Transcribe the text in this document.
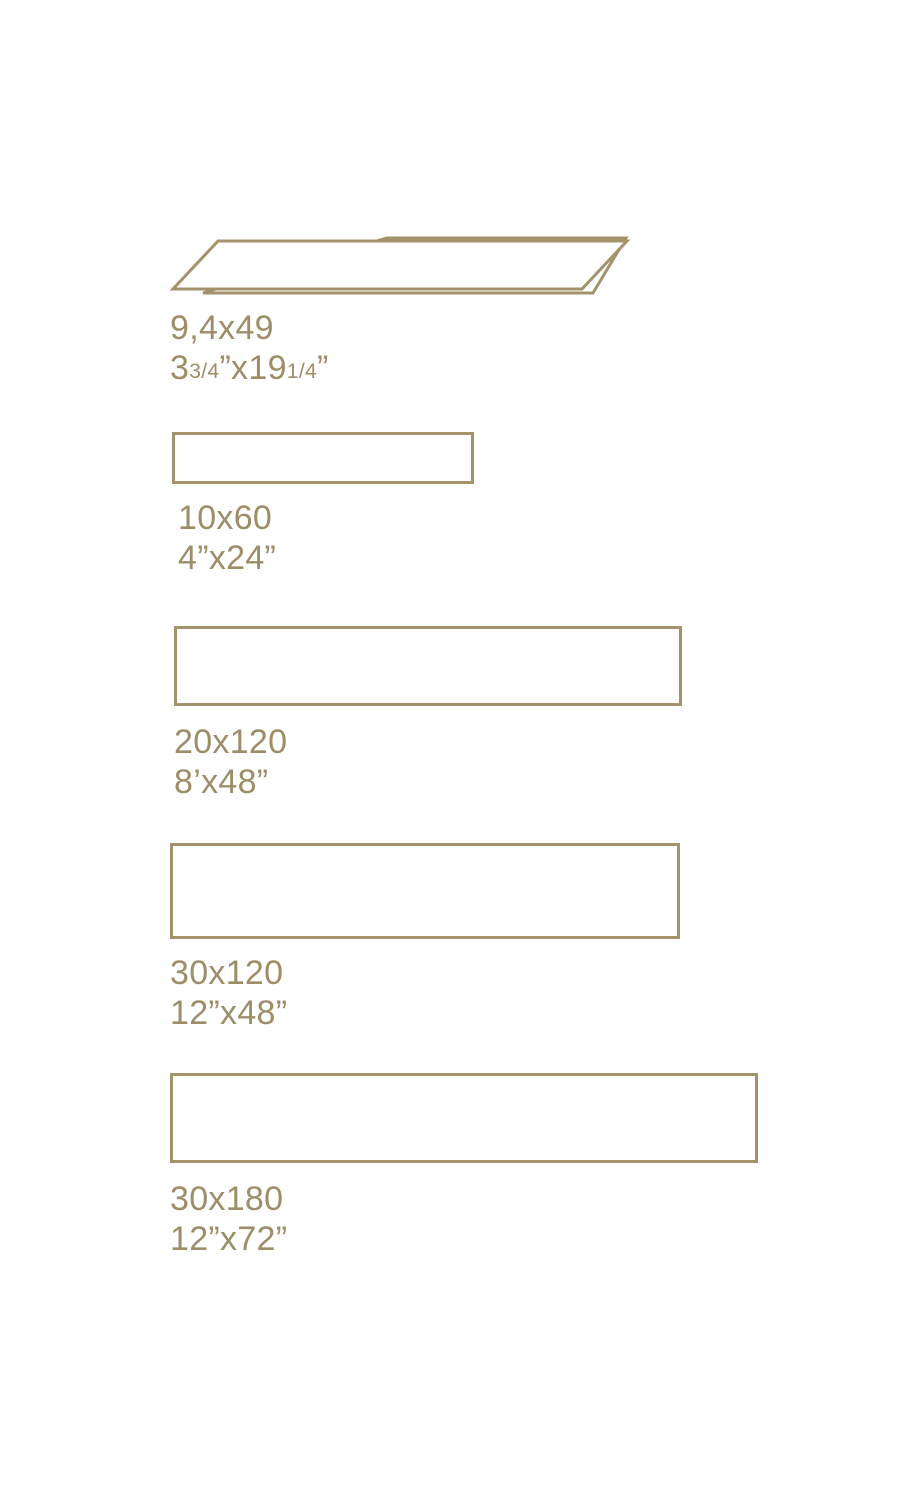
9,4x49
33/4”x191/4”
10x60
4”x24”
20x120
8’x48”
30x120
12”x48”
30x180
12”x72”
